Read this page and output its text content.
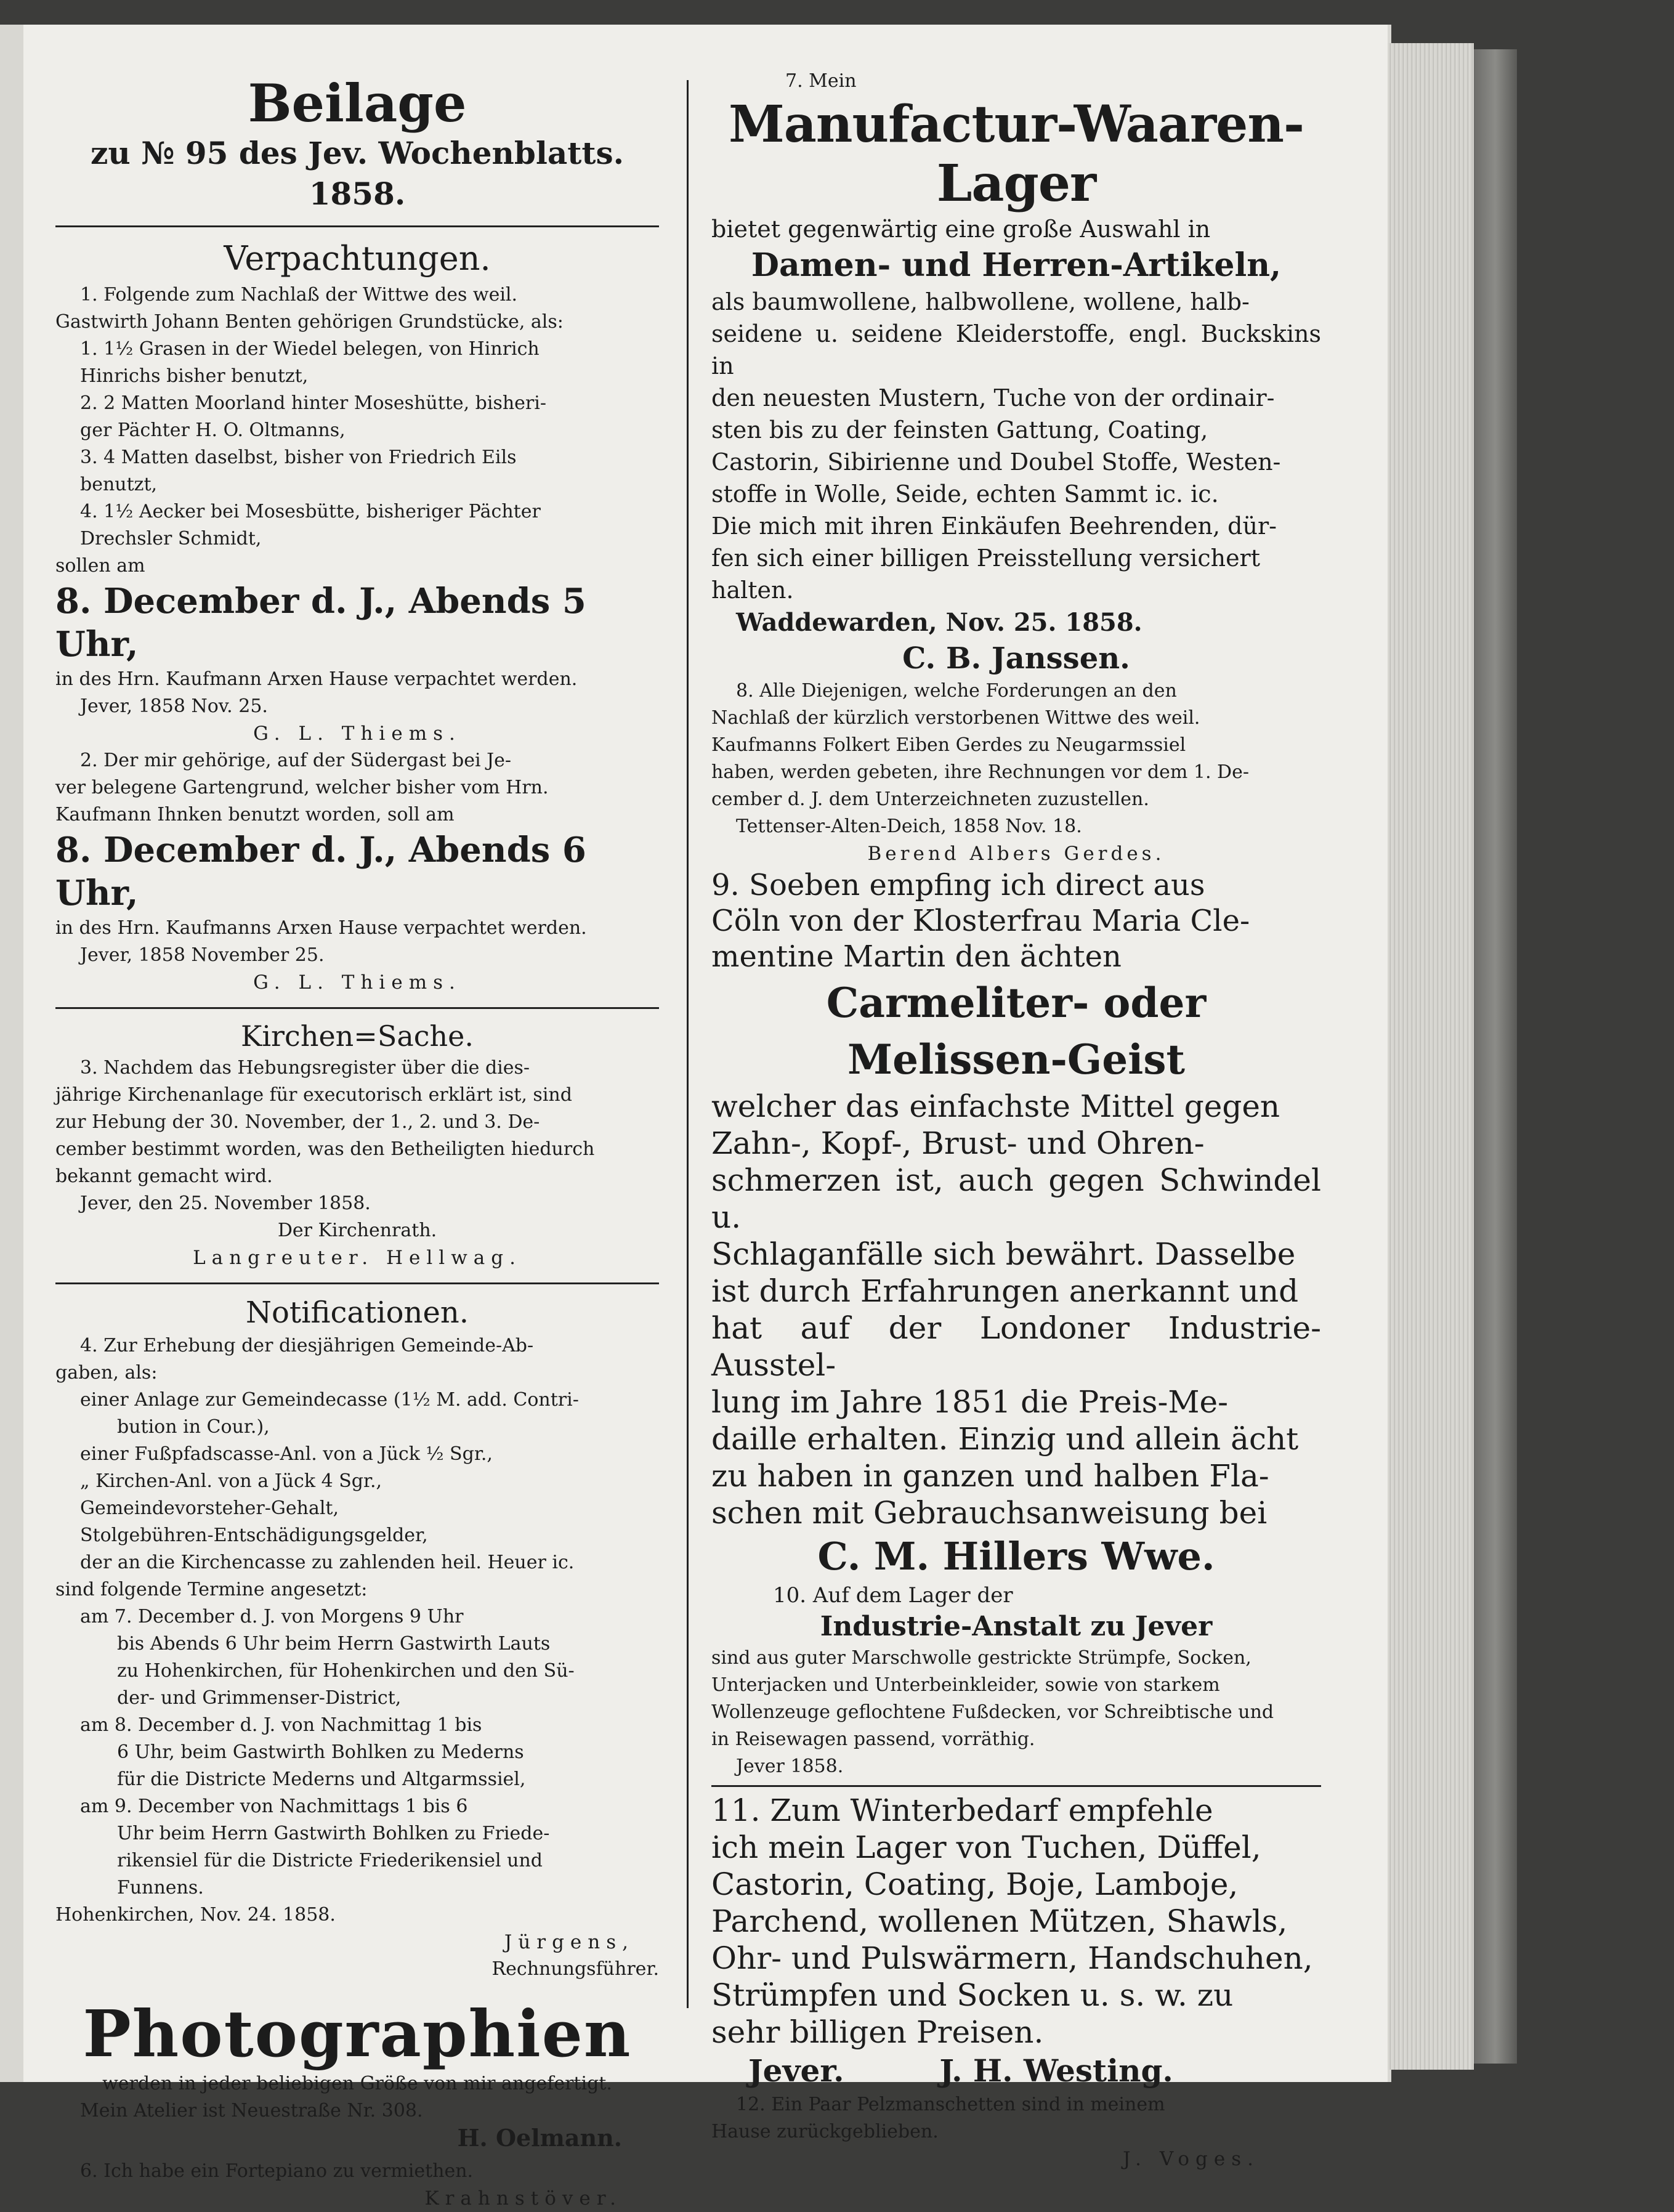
Beilage

zu № 95 des Jev. Wochenblatts. 1858.

Verpachtungen.

1. Folgende zum Nachlaß der Wittwe des weil.

Gastwirth Johann Benten gehörigen Grundstücke, als:

1. 1½ Grasen in der Wiedel belegen, von Hinrich

Hinrichs bisher benutzt,

2. 2 Matten Moorland hinter Moseshütte, bisheri-

ger Pächter H. O. Oltmanns,

3. 4 Matten daselbst, bisher von Friedrich Eils

benutzt,

4. 1½ Aecker bei Mosesbütte, bisheriger Pächter

Drechsler Schmidt,

sollen am

8. December d. J., Abends 5 Uhr,

in des Hrn. Kaufmann Arxen Hause verpachtet werden.

Jever, 1858 Nov. 25.

G. L. Thiems.

2. Der mir gehörige, auf der Südergast bei Je-

ver belegene Gartengrund, welcher bisher vom Hrn.

Kaufmann Ihnken benutzt worden, soll am

8. December d. J., Abends 6 Uhr,

in des Hrn. Kaufmanns Arxen Hause verpachtet werden.

Jever, 1858 November 25.

G. L. Thiems.

Kirchen=Sache.

3. Nachdem das Hebungsregister über die dies-

jährige Kirchenanlage für executorisch erklärt ist, sind

zur Hebung der 30. November, der 1., 2. und 3. De-

cember bestimmt worden, was den Betheiligten hiedurch

bekannt gemacht wird.

Jever, den 25. November 1858.

Der Kirchenrath.

Langreuter. Hellwag.

Notificationen.

4. Zur Erhebung der diesjährigen Gemeinde-Ab-

gaben, als:

einer Anlage zur Gemeindecasse (1½ M. add. Contri-

bution in Cour.),

einer Fußpfadscasse-Anl. von a Jück ½ Sgr.,

„ Kirchen-Anl. von a Jück 4 Sgr.,

Gemeindevorsteher-Gehalt,

Stolgebühren-Entschädigungsgelder,

der an die Kirchencasse zu zahlenden heil. Heuer ic.

sind folgende Termine angesetzt:

am 7. December d. J. von Morgens 9 Uhr

bis Abends 6 Uhr beim Herrn Gastwirth Lauts

zu Hohenkirchen, für Hohenkirchen und den Sü-

der- und Grimmenser-District,

am 8. December d. J. von Nachmittag 1 bis

6 Uhr, beim Gastwirth Bohlken zu Mederns

für die Districte Mederns und Altgarmssiel,

am 9. December von Nachmittags 1 bis 6

Uhr beim Herrn Gastwirth Bohlken zu Friede-

rikensiel für die Districte Friederikensiel und

Funnens.

Hohenkirchen, Nov. 24. 1858.

Jürgens,

Rechnungsführer.

Photographien

werden in jeder beliebigen Größe von mir angefertigt.

Mein Atelier ist Neuestraße Nr. 308.

H. Oelmann.

6. Ich habe ein Fortepiano zu vermiethen.

Krahnstöver.

7. Mein

Manufactur-Waaren-Lager

bietet gegenwärtig eine große Auswahl in

Damen- und Herren-Artikeln,

als baumwollene, halbwollene, wollene, halb-

seidene u. seidene Kleiderstoffe, engl. Buckskins in

den neuesten Mustern, Tuche von der ordinair-

sten bis zu der feinsten Gattung, Coating,

Castorin, Sibirienne und Doubel Stoffe, Westen-

stoffe in Wolle, Seide, echten Sammt ic. ic.

Die mich mit ihren Einkäufen Beehrenden, dür-

fen sich einer billigen Preisstellung versichert

halten.

Waddewarden, Nov. 25. 1858.

C. B. Janssen.

8. Alle Diejenigen, welche Forderungen an den

Nachlaß der kürzlich verstorbenen Wittwe des weil.

Kaufmanns Folkert Eiben Gerdes zu Neugarmssiel

haben, werden gebeten, ihre Rechnungen vor dem 1. De-

cember d. J. dem Unterzeichneten zuzustellen.

Tettenser-Alten-Deich, 1858 Nov. 18.

Berend Albers Gerdes.

9. Soeben empfing ich direct aus

Cöln von der Klosterfrau Maria Cle-

mentine Martin den ächten

Carmeliter- oder Melissen-Geist

welcher das einfachste Mittel gegen

Zahn-, Kopf-, Brust- und Ohren-

schmerzen ist, auch gegen Schwindel u.

Schlaganfälle sich bewährt. Dasselbe

ist durch Erfahrungen anerkannt und

hat auf der Londoner Industrie-Ausstel-

lung im Jahre 1851 die Preis-Me-

daille erhalten. Einzig und allein ächt

zu haben in ganzen und halben Fla-

schen mit Gebrauchsanweisung bei

C. M. Hillers Wwe.

10. Auf dem Lager der

Industrie-Anstalt zu Jever

sind aus guter Marschwolle gestrickte Strümpfe, Socken,

Unterjacken und Unterbeinkleider, sowie von starkem

Wollenzeuge geflochtene Fußdecken, vor Schreibtische und

in Reisewagen passend, vorräthig.

Jever 1858.

11. Zum Winterbedarf empfehle

ich mein Lager von Tuchen, Düffel,

Castorin, Coating, Boje, Lamboje,

Parchend, wollenen Mützen, Shawls,

Ohr- und Pulswärmern, Handschuhen,

Strümpfen und Socken u. s. w. zu

sehr billigen Preisen.

Jever.	J. H. Westing.

12. Ein Paar Pelzmanschetten sind in meinem

Hause zurückgeblieben.

J. Voges.
